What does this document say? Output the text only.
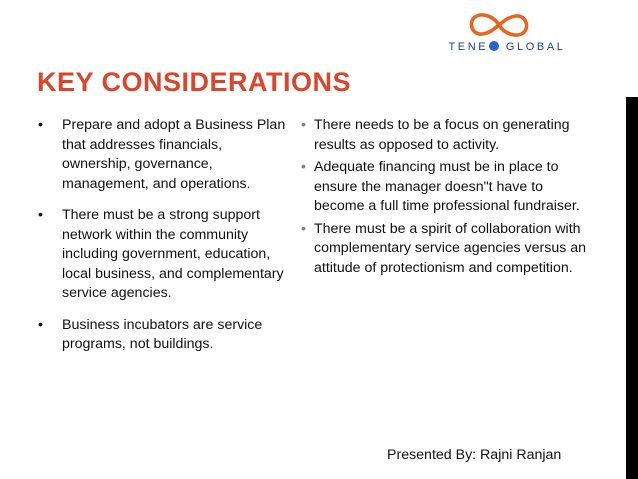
TENE GLOBAL
KEY CONSIDERATIONS
• Prepare and adopt a Business Plan that addresses financials, ownership, governance, management, and operations.
• There must be a strong support network within the community including government, education, local business, and complementary service agencies.
• Business incubators are service programs, not buildings.
• There needs to be a focus on generating results as opposed to activity.
• Adequate financing must be in place to ensure the manager doesn"t have to become a full time professional fundraiser.
• There must be a spirit of collaboration with complementary service agencies versus an attitude of protectionism and competition.
Presented By: Rajni Ranjan
